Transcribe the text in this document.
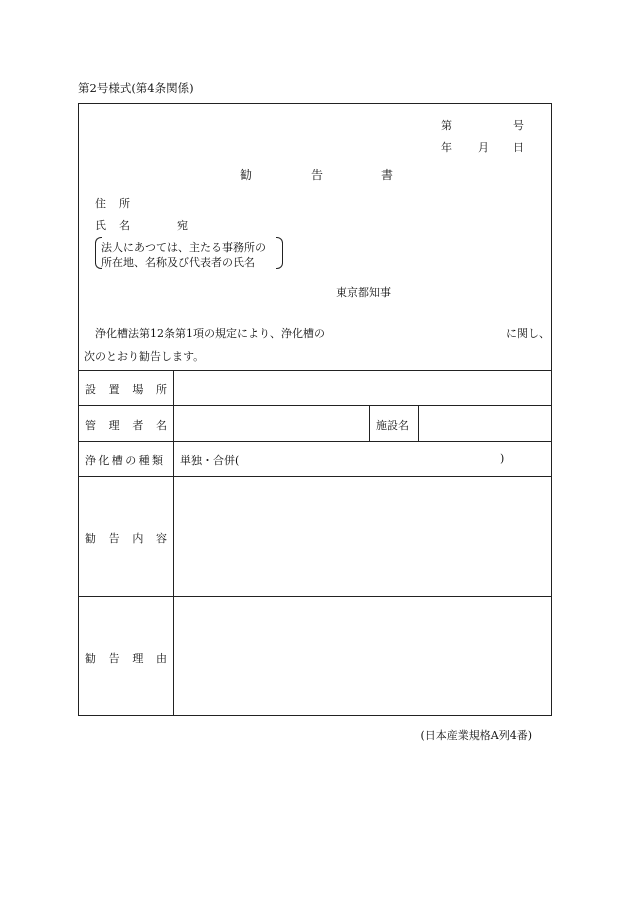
第2号様式(第4条関係)
第	号
年 月 日
勧	告	書
住 所
氏 名	宛
法人にあつては、主たる事務所の
所在地、名称及び代表者の氏名
東京都知事
浄化槽法第12条第1項の規定により、浄化槽の	に関し、
次のとおり勧告します。
設 置 場 所
管 理 者 名	施設名
浄化槽の種類 単独・合併(	)
勧 告 内 容
勧 告 理 由
(日本産業規格A列4番)
